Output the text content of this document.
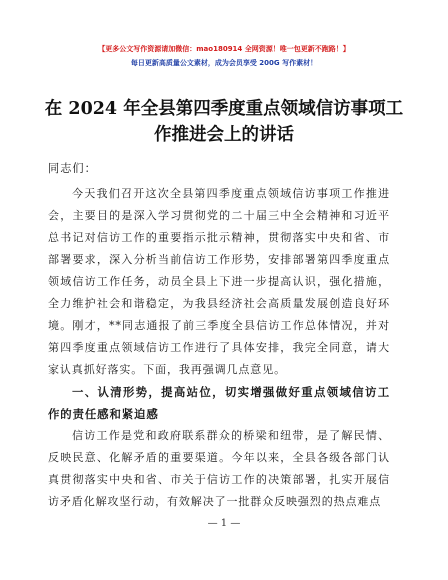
【更多公文写作资源请加微信：mao180914 全网资源！唯一包更新不跑路！】
每日更新高质量公文素材，成为会员享受 200G 写作素材！
在 2024 年全县第四季度重点领域信访事项工作推进会上的讲话
同志们：

今天我们召开这次全县第四季度重点领域信访事项工作推进会，主要目的是深入学习贯彻党的二十届三中全会精神和习近平总书记对信访工作的重要指示批示精神，贯彻落实中央和省、市部署要求，深入分析当前信访工作形势，安排部署第四季度重点领域信访工作任务，动员全县上下进一步提高认识，强化措施，全力维护社会和谐稳定，为我县经济社会高质量发展创造良好环境。刚才，**同志通报了前三季度全县信访工作总体情况，并对第四季度重点领域信访工作进行了具体安排，我完全同意，请大家认真抓好落实。下面，我再强调几点意见。

一、认清形势，提高站位，切实增强做好重点领域信访工作的责任感和紧迫感

信访工作是党和政府联系群众的桥梁和纽带，是了解民情、反映民意、化解矛盾的重要渠道。今年以来，全县各级各部门认真贯彻落实中央和省、市关于信访工作的决策部署，扎实开展信访矛盾化解攻坚行动，有效解决了一批群众反映强烈的热点难点

— 1 —
